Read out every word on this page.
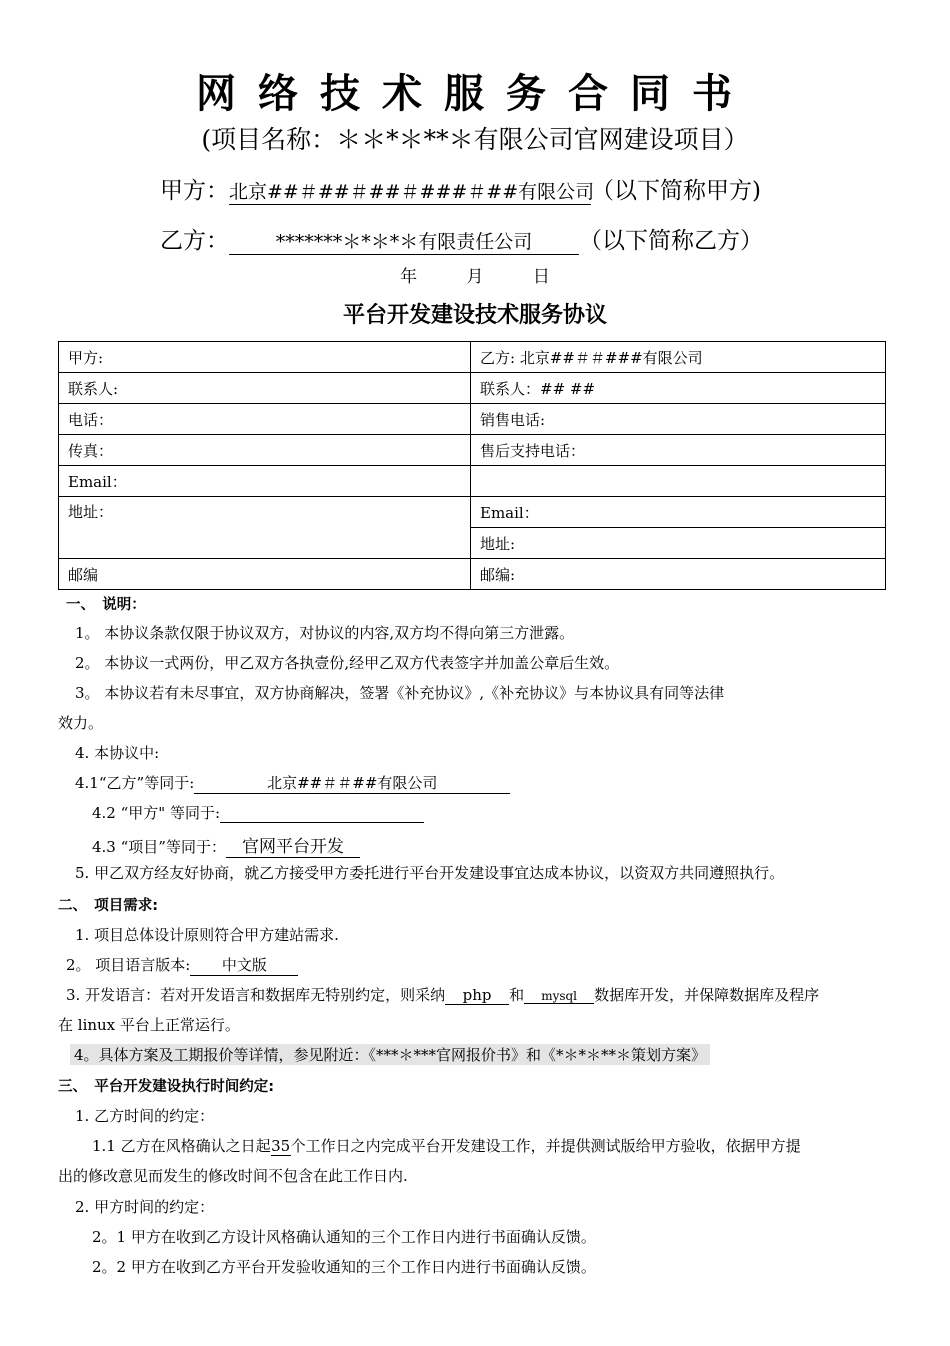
网络技术服务合同书
(项目名称：＊＊*＊**＊有限公司官网建设项目）
甲方：北京##＃##＃##＃###＃##有限公司（以下简称甲方)
乙方： *******＊*＊*＊有限责任公司 （以下简称乙方）
年	月	日
平台开发建设技术服务协议
甲方:	乙方: 北京##＃＃###有限公司
联系人:	联系人：## ##
电话：	销售电话:
传真：	售后支持电话：
Email：	
地址：	Email：
	地址:
邮编	邮编:
一、　说明：
1。 本协议条款仅限于协议双方，对协议的内容,双方均不得向第三方泄露。
2。 本协议一式两份，甲乙双方各执壹份,经甲乙双方代表签字并加盖公章后生效。
3。 本协议若有未尽事宜，双方协商解决，签署《补充协议》,《补充协议》与本协议具有同等法律
效力。
4. 本协议中:
4.1“乙方”等同于:	北京##＃＃##有限公司
4.2 “甲方" 等同于:
4.3 “项目”等同于： 官网平台开发
5. 甲乙双方经友好协商，就乙方接受甲方委托进行平台开发建设事宜达成本协议，以资双方共同遵照执行。
二、　项目需求:
1. 项目总体设计原则符合甲方建站需求.
2。 项目语言版本: 中文版
3. 开发语言：若对开发语言和数据库无特别约定，则采纳 php 和 mysql 数据库开发，并保障数据库及程序
在 linux 平台上正常运行。
4。具体方案及工期报价等详情，参见附近：《***＊***官网报价书》和《*＊*＊**＊策划方案》
三、　平台开发建设执行时间约定:
1. 乙方时间的约定：
1.1 乙方在风格确认之日起35个工作日之内完成平台开发建设工作，并提供测试版给甲方验收，依据甲方提
出的修改意见而发生的修改时间不包含在此工作日内.
2. 甲方时间的约定：
2。1 甲方在收到乙方设计风格确认通知的三个工作日内进行书面确认反馈。
2。2 甲方在收到乙方平台开发验收通知的三个工作日内进行书面确认反馈。
